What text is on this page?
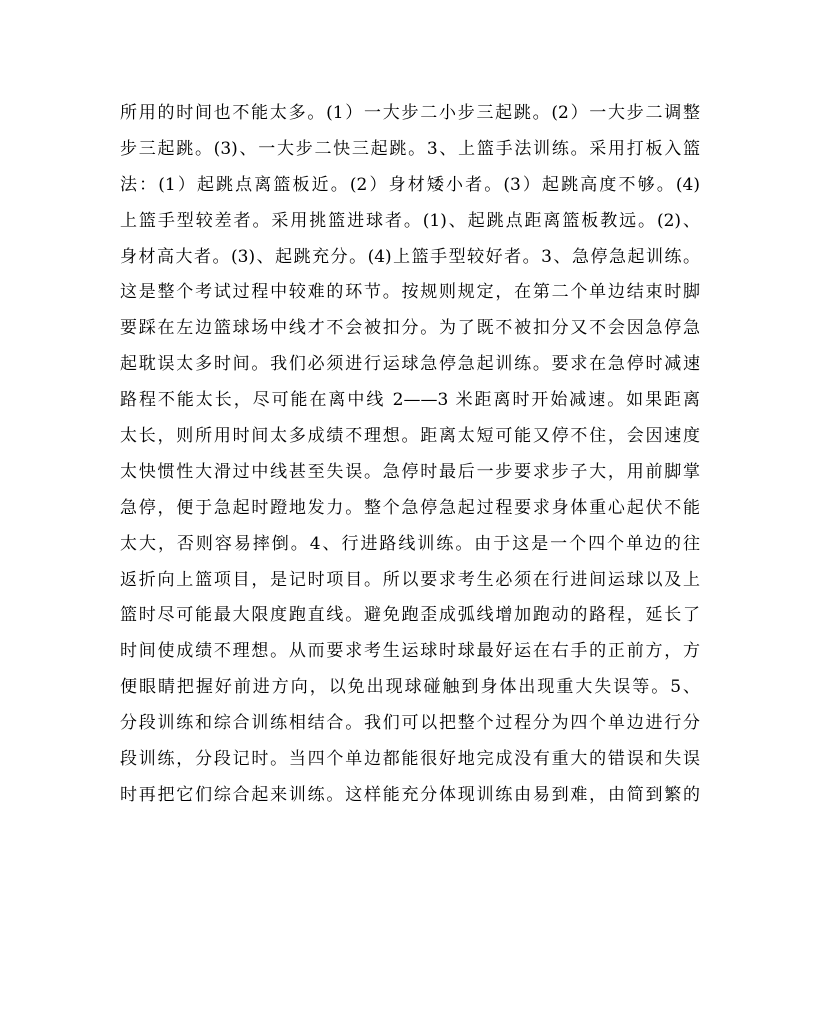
所用的时间也不能太多。(1）一大步二小步三起跳。(2）一大步二调整
步三起跳。(3)、一大步二快三起跳。3、上篮手法训练。采用打板入篮
法：(1）起跳点离篮板近。(2）身材矮小者。(3）起跳高度不够。(4)
上篮手型较差者。采用挑篮进球者。(1)、起跳点距离篮板教远。(2)、
身材高大者。(3)、起跳充分。(4)上篮手型较好者。3、急停急起训练。
这是整个考试过程中较难的环节。按规则规定，在第二个单边结束时脚
要踩在左边篮球场中线才不会被扣分。为了既不被扣分又不会因急停急
起耽误太多时间。我们必须进行运球急停急起训练。要求在急停时减速
路程不能太长，尽可能在离中线 2——3 米距离时开始减速。如果距离
太长，则所用时间太多成绩不理想。距离太短可能又停不住，会因速度
太快惯性大滑过中线甚至失误。急停时最后一步要求步子大，用前脚掌
急停，便于急起时蹬地发力。整个急停急起过程要求身体重心起伏不能
太大，否则容易摔倒。4、行进路线训练。由于这是一个四个单边的往
返折向上篮项目，是记时项目。所以要求考生必须在行进间运球以及上
篮时尽可能最大限度跑直线。避免跑歪成弧线增加跑动的路程，延长了
时间使成绩不理想。从而要求考生运球时球最好运在右手的正前方，方
便眼睛把握好前进方向，以免出现球碰触到身体出现重大失误等。5、
分段训练和综合训练相结合。我们可以把整个过程分为四个单边进行分
段训练，分段记时。当四个单边都能很好地完成没有重大的错误和失误
时再把它们综合起来训练。这样能充分体现训练由易到难，由简到繁的
